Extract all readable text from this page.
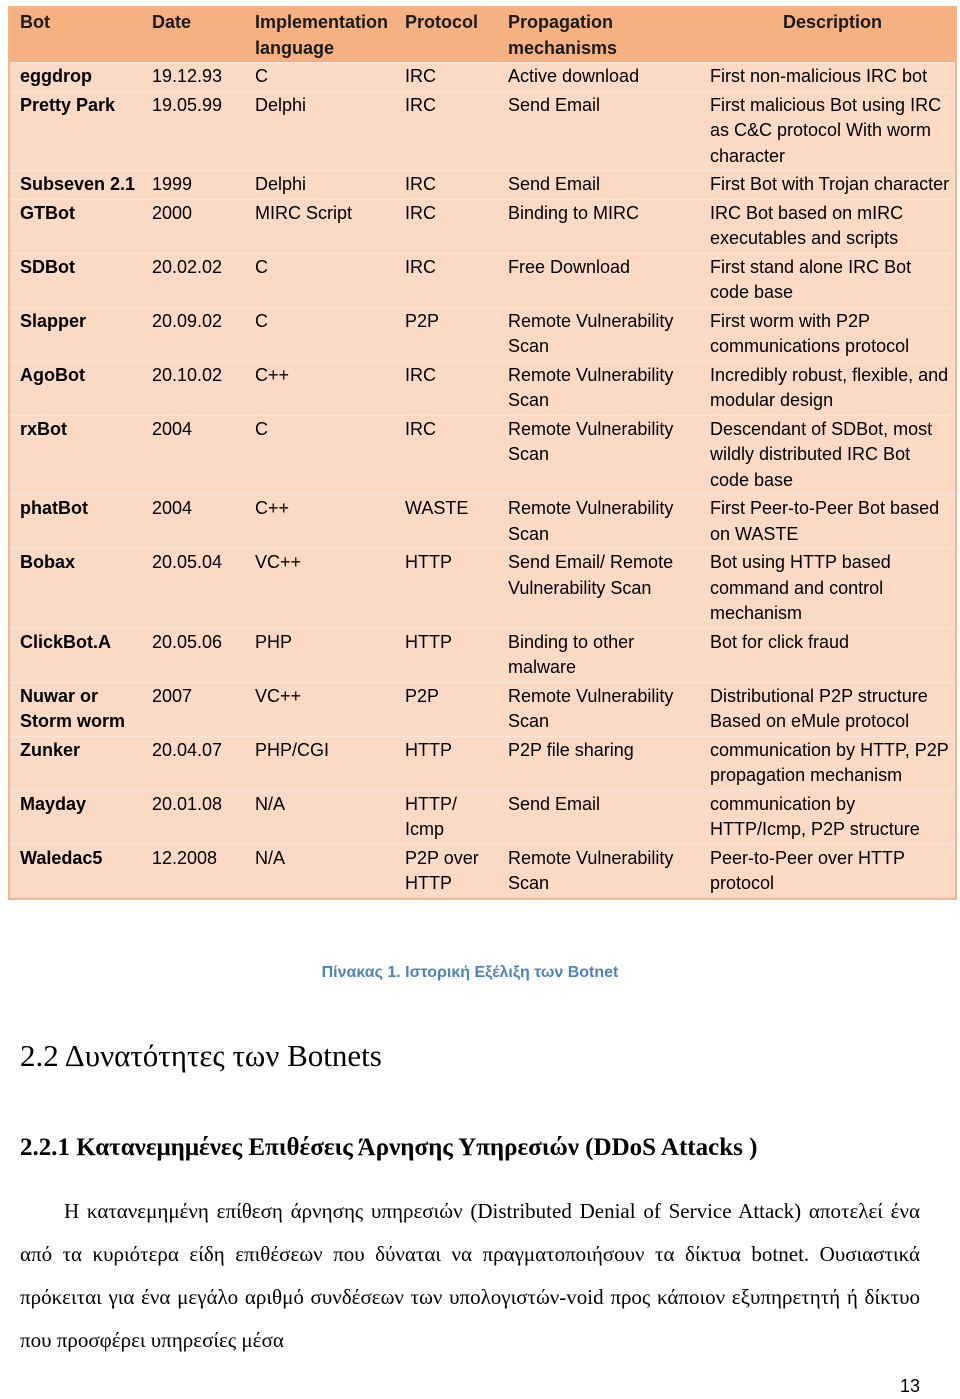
Bot	Date	Implementation language	Protocol	Propagation mechanisms	Description
eggdrop	19.12.93	C	IRC	Active download	First non-malicious IRC bot
Pretty Park	19.05.99	Delphi	IRC	Send Email	First malicious Bot using IRC as C&C protocol With worm character
Subseven 2.1	1999	Delphi	IRC	Send Email	First Bot with Trojan character
GTBot	2000	MIRC Script	IRC	Binding to MIRC	IRC Bot based on mIRC executables and scripts
SDBot	20.02.02	C	IRC	Free Download	First stand alone IRC Bot code base
Slapper	20.09.02	C	P2P	Remote Vulnerability Scan	First worm with P2P communications protocol
AgoBot	20.10.02	C++	IRC	Remote Vulnerability Scan	Incredibly robust, flexible, and modular design
rxBot	2004	C	IRC	Remote Vulnerability Scan	Descendant of SDBot, most wildly distributed IRC Bot code base
phatBot	2004	C++	WASTE	Remote Vulnerability Scan	First Peer-to-Peer Bot based on WASTE
Bobax	20.05.04	VC++	HTTP	Send Email/ Remote Vulnerability Scan	Bot using HTTP based command and control mechanism
ClickBot.A	20.05.06	PHP	HTTP	Binding to other malware	Bot for click fraud
Nuwar or Storm worm	2007	VC++	P2P	Remote Vulnerability Scan	Distributional P2P structure Based on eMule protocol
Zunker	20.04.07	PHP/CGI	HTTP	P2P file sharing	communication by HTTP, P2P propagation mechanism
Mayday	20.01.08	N/A	HTTP/ Icmp	Send Email	communication by HTTP/Icmp, P2P structure
Waledac5	12.2008	N/A	P2P over HTTP	Remote Vulnerability Scan	Peer-to-Peer over HTTP protocol
Πίνακας 1. Ιστορική Εξέλιξη των Botnet
2.2 Δυνατότητες των Botnets
2.2.1 Κατανεμημένες Επιθέσεις Άρνησης Υπηρεσιών (DDoS Attacks )

Η κατανεμημένη επίθεση άρνησης υπηρεσιών (Distributed Denial of Service Attack) αποτελεί ένα από τα κυριότερα είδη επιθέσεων που δύναται να πραγματοποιήσουν τα δίκτυα botnet. Ουσιαστικά πρόκειται για ένα μεγάλο αριθμό συνδέσεων των υπολογιστών-void προς κάποιον εξυπηρετητή ή δίκτυο που προσφέρει υπηρεσίες μέσα

13
